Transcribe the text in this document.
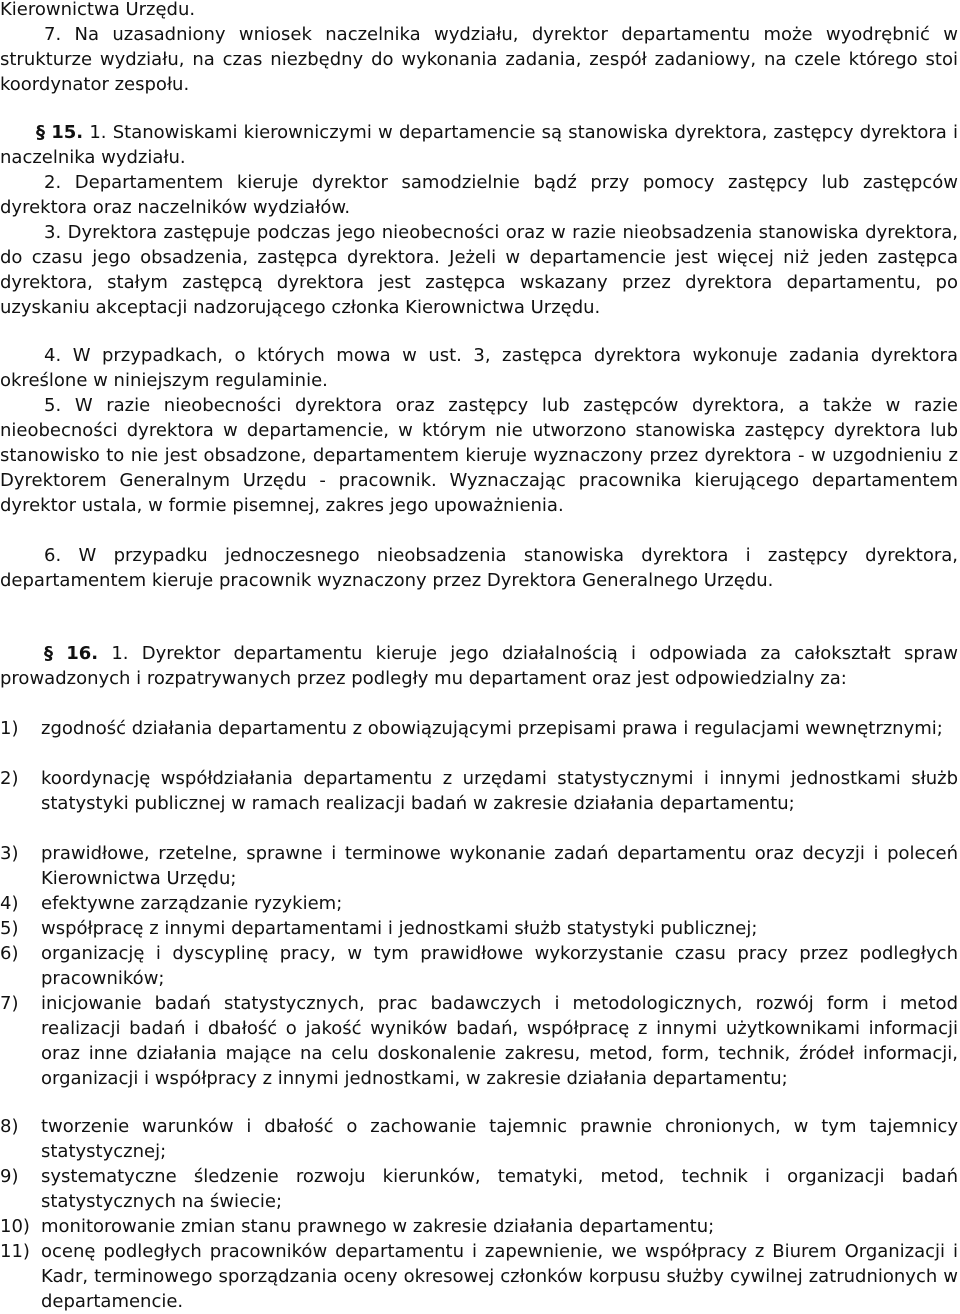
Kierownictwa Urzędu.

7. Na uzasadniony wniosek naczelnika wydziału, dyrektor departamentu może wyodrębnić w strukturze wydziału, na czas niezbędny do wykonania zadania, zespół zadaniowy, na czele którego stoi koordynator zespołu.

§ 15. 1. Stanowiskami kierowniczymi w departamencie są stanowiska dyrektora, zastępcy dyrektora i naczelnika wydziału.

2. Departamentem kieruje dyrektor samodzielnie bądź przy pomocy zastępcy lub zastępców dyrektora oraz naczelników wydziałów.

3. Dyrektora zastępuje podczas jego nieobecności oraz w razie nieobsadzenia stanowiska dyrektora, do czasu jego obsadzenia, zastępca dyrektora. Jeżeli w departamencie jest więcej niż jeden zastępca dyrektora, stałym zastępcą dyrektora jest zastępca wskazany przez dyrektora departamentu, po uzyskaniu akceptacji nadzorującego członka Kierownictwa Urzędu.

4. W przypadkach, o których mowa w ust. 3, zastępca dyrektora wykonuje zadania dyrektora określone w niniejszym regulaminie.

5. W razie nieobecności dyrektora oraz zastępcy lub zastępców dyrektora, a także w razie nieobecności dyrektora w departamencie, w którym nie utworzono stanowiska zastępcy dyrektora lub stanowisko to nie jest obsadzone, departamentem kieruje wyznaczony przez dyrektora - w uzgodnieniu z Dyrektorem Generalnym Urzędu - pracownik. Wyznaczając pracownika kierującego departamentem dyrektor ustala, w formie pisemnej, zakres jego upoważnienia.

6. W przypadku jednoczesnego nieobsadzenia stanowiska dyrektora i zastępcy dyrektora, departamentem kieruje pracownik wyznaczony przez Dyrektora Generalnego Urzędu.

§ 16. 1. Dyrektor departamentu kieruje jego działalnością i odpowiada za całokształt spraw prowadzonych i rozpatrywanych przez podległy mu departament oraz jest odpowiedzialny za:

1)	zgodność działania departamentu z obowiązującymi przepisami prawa i regulacjami wewnętrznymi;
2)	koordynację współdziałania departamentu z urzędami statystycznymi i innymi jednostkami służb statystyki publicznej w ramach realizacji badań w zakresie działania departamentu;
3)	prawidłowe, rzetelne, sprawne i terminowe wykonanie zadań departamentu oraz decyzji i poleceń Kierownictwa Urzędu;
4)	efektywne zarządzanie ryzykiem;
5)	współpracę z innymi departamentami i jednostkami służb statystyki publicznej;
6)	organizację i dyscyplinę pracy, w tym prawidłowe wykorzystanie czasu pracy przez podległych pracowników;
7)	inicjowanie badań statystycznych, prac badawczych i metodologicznych, rozwój form i metod realizacji badań i dbałość o jakość wyników badań, współpracę z innymi użytkownikami informacji oraz inne działania mające na celu doskonalenie zakresu, metod, form, technik, źródeł informacji, organizacji i współpracy z innymi jednostkami, w zakresie działania departamentu;
8)	tworzenie warunków i dbałość o zachowanie tajemnic prawnie chronionych, w tym tajemnicy statystycznej;
9)	systematyczne śledzenie rozwoju kierunków, tematyki, metod, technik i organizacji badań statystycznych na świecie;
10) monitorowanie zmian stanu prawnego w zakresie działania departamentu;
11) ocenę podległych pracowników departamentu i zapewnienie, we współpracy z Biurem Organizacji i Kadr, terminowego sporządzania oceny okresowej członków korpusu służby cywilnej zatrudnionych w departamencie.
